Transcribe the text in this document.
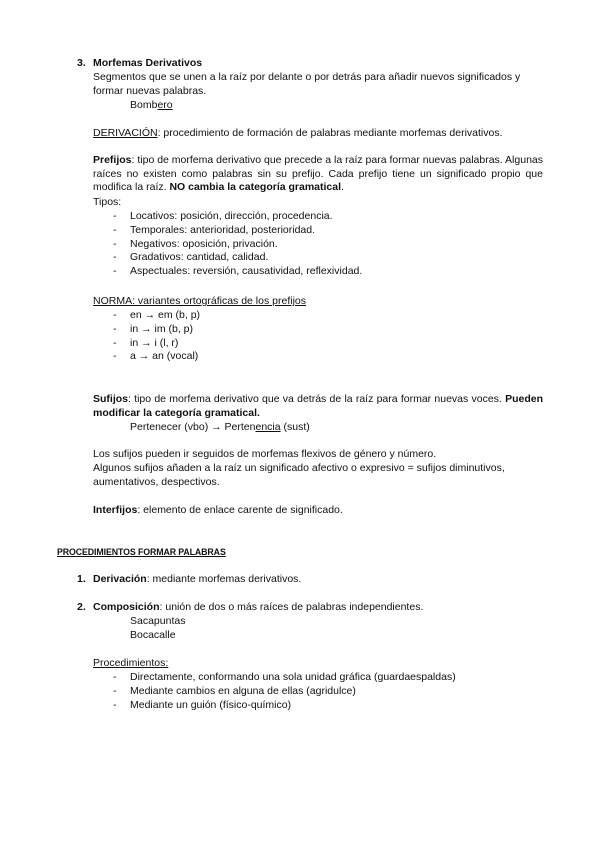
3. Morfemas Derivativos
Segmentos que se unen a la raíz por delante o por detrás para añadir nuevos significados y formar nuevas palabras.
Bombero
DERIVACIÓN: procedimiento de formación de palabras mediante morfemas derivativos.
Prefijos: tipo de morfema derivativo que precede a la raíz para formar nuevas palabras. Algunas raíces no existen como palabras sin su prefijo. Cada prefijo tiene un significado propio que modifica la raíz. NO cambia la categoría gramatical.
Tipos:
- Locativos: posición, dirección, procedencia.
- Temporales: anterioridad, posterioridad.
- Negativos: oposición, privación.
- Gradativos: cantidad, calidad.
- Aspectuales: reversión, causatividad, reflexividad.
NORMA: variantes ortográficas de los prefijos
- en → em (b, p)
- in → im (b, p)
- in → i (l, r)
- a → an (vocal)
Sufijos: tipo de morfema derivativo que va detrás de la raíz para formar nuevas voces. Pueden modificar la categoría gramatical.
Pertenecer (vbo) → Pertenencia (sust)
Los sufijos pueden ir seguidos de morfemas flexivos de género y número.
Algunos sufijos añaden a la raíz un significado afectivo o expresivo = sufijos diminutivos, aumentativos, despectivos.
Interfijos: elemento de enlace carente de significado.
PROCEDIMIENTOS FORMAR PALABRAS
1. Derivación: mediante morfemas derivativos.
2. Composición: unión de dos o más raíces de palabras independientes.
Sacapuntas
Bocacalle
Procedimientos:
- Directamente, conformando una sola unidad gráfica (guardaespaldas)
- Mediante cambios en alguna de ellas (agridulce)
- Mediante un guión (físico-químico)
